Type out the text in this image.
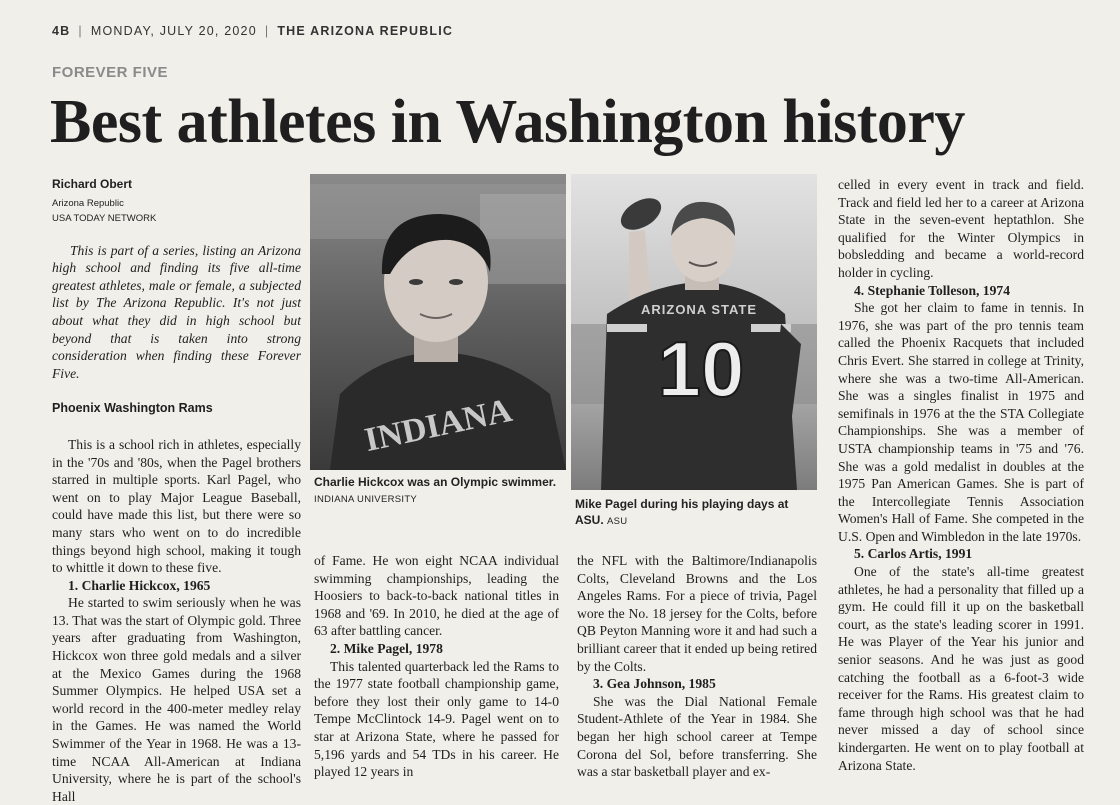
4B | MONDAY, JULY 20, 2020 | THE ARIZONA REPUBLIC
FOREVER FIVE
Best athletes in Washington history
Richard Obert
Arizona Republic
USA TODAY NETWORK
This is part of a series, listing an Arizona high school and finding its five all-time greatest athletes, male or female, a subjected list by The Arizona Republic. It's not just about what they did in high school but beyond that is taken into strong consideration when finding these Forever Five.
Phoenix Washington Rams

This is a school rich in athletes, especially in the '70s and '80s, when the Pagel brothers starred in multiple sports. Karl Pagel, who went on to play Major League Baseball, could have made this list, but there were so many stars who went on to do incredible things beyond high school, making it tough to whittle it down to these five.

1. Charlie Hickcox, 1965

He started to swim seriously when he was 13. That was the start of Olympic gold. Three years after graduating from Washington, Hickcox won three gold medals and a silver at the Mexico Games during the 1968 Summer Olympics. He helped USA set a world record in the 400-meter medley relay in the Games. He was named the World Swimmer of the Year in 1968. He was a 13-time NCAA All-American at Indiana University, where he is part of the school's Hall

INDIANA
Charlie Hickcox was an Olympic swimmer. INDIANA UNIVERSITY
ARIZONA STATE
10
Mike Pagel during his playing days at ASU. ASU

of Fame. He won eight NCAA individual swimming championships, leading the Hoosiers to back-to-back national titles in 1968 and '69. In 2010, he died at the age of 63 after battling cancer.

2. Mike Pagel, 1978

This talented quarterback led the Rams to the 1977 state football championship game, before they lost their only game to 14-0 Tempe McClintock 14-9. Pagel went on to star at Arizona State, where he passed for 5,196 yards and 54 TDs in his career. He played 12 years in

the NFL with the Baltimore/Indianapolis Colts, Cleveland Browns and the Los Angeles Rams. For a piece of trivia, Pagel wore the No. 18 jersey for the Colts, before QB Peyton Manning wore it and had such a brilliant career that it ended up being retired by the Colts.

3. Gea Johnson, 1985

She was the Dial National Female Student-Athlete of the Year in 1984. She began her high school career at Tempe Corona del Sol, before transferring. She was a star basketball player and ex-

celled in every event in track and field. Track and field led her to a career at Arizona State in the seven-event heptathlon. She qualified for the Winter Olympics in bobsledding and became a world-record holder in cycling.

4. Stephanie Tolleson, 1974

She got her claim to fame in tennis. In 1976, she was part of the pro tennis team called the Phoenix Racquets that included Chris Evert. She starred in college at Trinity, where she was a two-time All-American. She was a singles finalist in 1975 and semifinals in 1976 at the the STA Collegiate Championships. She was a member of USTA championship teams in '75 and '76. She was a gold medalist in doubles at the 1975 Pan American Games. She is part of the Intercollegiate Tennis Association Women's Hall of Fame. She competed in the U.S. Open and Wimbledon in the late 1970s.

5. Carlos Artis, 1991

One of the state's all-time greatest athletes, he had a personality that filled up a gym. He could fill it up on the basketball court, as the state's leading scorer in 1991. He was Player of the Year his junior and senior seasons. And he was just as good catching the football as a 6-foot-3 wide receiver for the Rams. His greatest claim to fame through high school was that he had never missed a day of school since kindergarten. He went on to play football at Arizona State.
